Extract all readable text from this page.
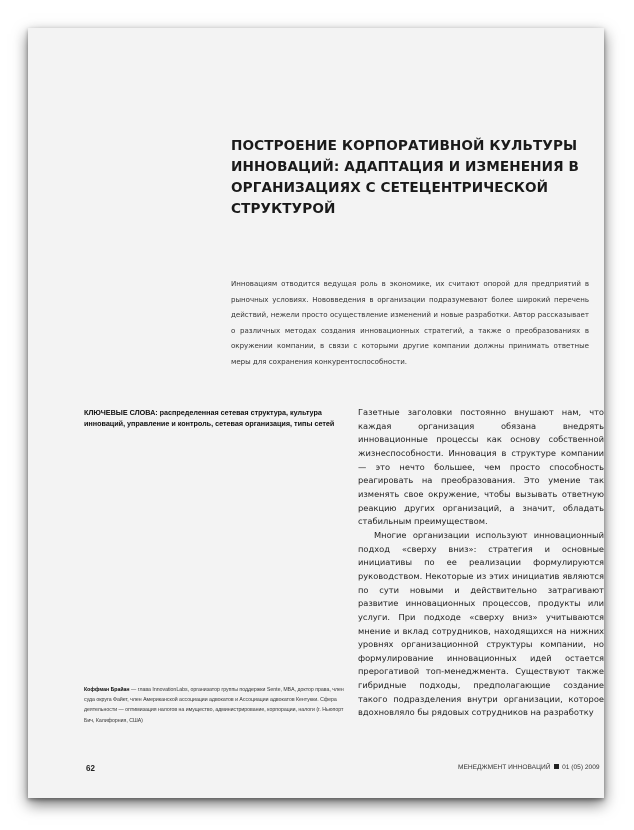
ПОСТРОЕНИЕ КОРПОРАТИВНОЙ КУЛЬТУРЫ ИННОВАЦИЙ: АДАПТАЦИЯ И ИЗМЕНЕНИЯ В ОРГАНИЗАЦИЯХ С СЕТЕЦЕНТРИЧЕСКОЙ СТРУКТУРОЙ

Инновациям отводится ведущая роль в экономике, их считают опорой для предприятий в рыночных условиях. Нововведения в организации подразумевают более широкий перечень действий, нежели просто осуществление изменений и новые разработки. Автор рассказывает о различных методах создания инновационных стратегий, а также о преобразованиях в окружении компании, в связи с которыми другие компании должны принимать ответные меры для сохранения конкурентоспособности.

КЛЮЧЕВЫЕ СЛОВА: распределенная сетевая структура, культура инноваций, управление и контроль, сетевая организация, типы сетей

Газетные заголовки постоянно внушают нам, что каждая организация обязана внедрять инновационные процессы как основу собственной жизнеспособности. Инновация в структуре компании — это нечто большее, чем просто способность реагировать на преобразования. Это умение так изменять свое окружение, чтобы вызывать ответную реакцию других организаций, а значит, обладать стабильным преимуществом.

Многие организации используют инновационный подход «сверху вниз»: стратегия и основные инициативы по ее реализации формулируются руководством. Некоторые из этих инициатив являются по сути новыми и действительно затрагивают развитие инновационных процессов, продукты или услуги. При подходе «сверху вниз» учитываются мнение и вклад сотрудников, находящихся на нижних уровнях организационной структуры компании, но формулирование инновационных идей остается прерогативой топ-менеджмента. Существуют также гибридные подходы, предполагающие создание такого подразделения внутри организации, которое вдохновляло бы рядовых сотрудников на разработку

Коффман Брайан — глава InnovationLabs, организатор группы поддержки Sente, MBA, доктор права, член суда округа Файет, член Американской ассоциации адвокатов и Ассоциации адвокатов Кентукки. Сфера деятельности — оптимизация налогов на имущество, администрирование, корпорации, налоги (г. Ньюпорт Бич, Калифорния, США)

62	МЕНЕДЖМЕНТ ИННОВАЦИЙ 01 (05) 2009
